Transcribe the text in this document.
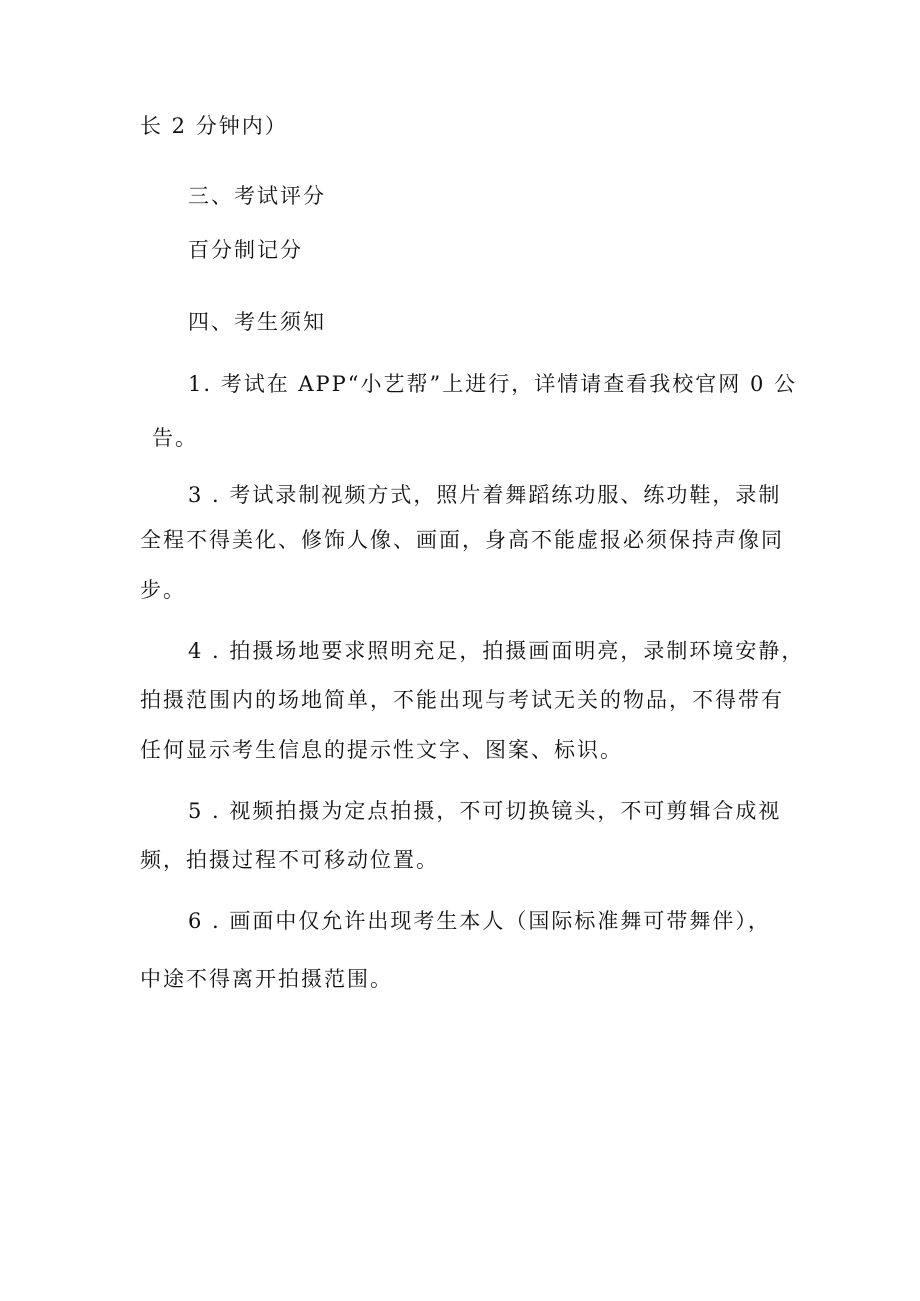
长 2 分钟内）

三、考试评分

百分制记分

四、考生须知

1. 考试在 APP“小艺帮”上进行，详情请查看我校官网 0 公

告。

3 . 考试录制视频方式，照片着舞蹈练功服、练功鞋，录制

全程不得美化、修饰人像、画面，身高不能虚报必须保持声像同

步。

4 . 拍摄场地要求照明充足，拍摄画面明亮，录制环境安静，

拍摄范围内的场地简单，不能出现与考试无关的物品，不得带有

任何显示考生信息的提示性文字、图案、标识。

5 . 视频拍摄为定点拍摄，不可切换镜头，不可剪辑合成视

频，拍摄过程不可移动位置。

6 . 画面中仅允许出现考生本人（国际标准舞可带舞伴），

中途不得离开拍摄范围。
